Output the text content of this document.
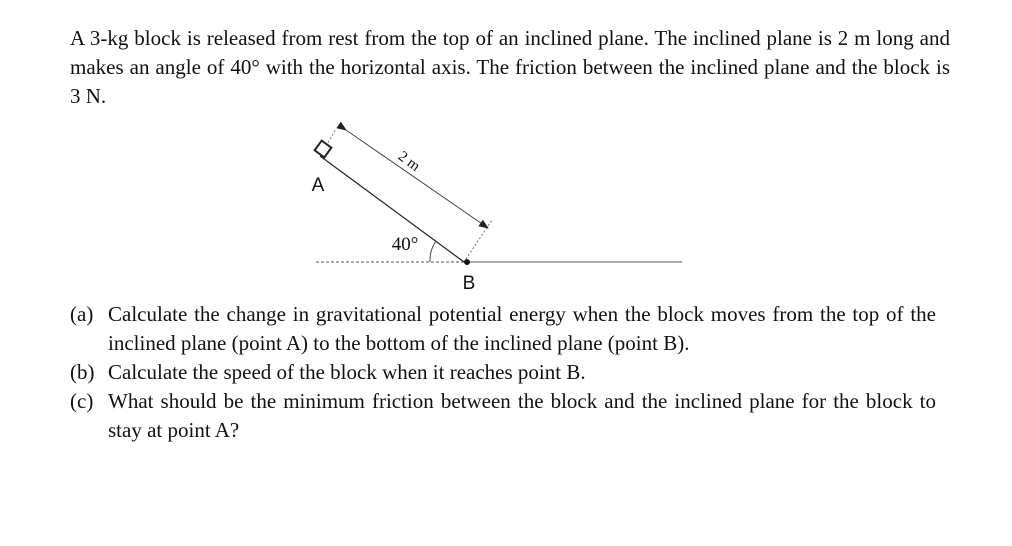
A 3-kg block is released from rest from the top of an inclined plane. The inclined plane is 2 m long and makes an angle of 40° with the horizontal axis. The friction between the inclined plane and the block is 3 N.

A
B
2 m
40°
(a) Calculate the change in gravitational potential energy when the block moves from the top of the inclined plane (point A) to the bottom of the inclined plane (point B).
(b) Calculate the speed of the block when it reaches point B.
(c) What should be the minimum friction between the block and the inclined plane for the block to stay at point A?
